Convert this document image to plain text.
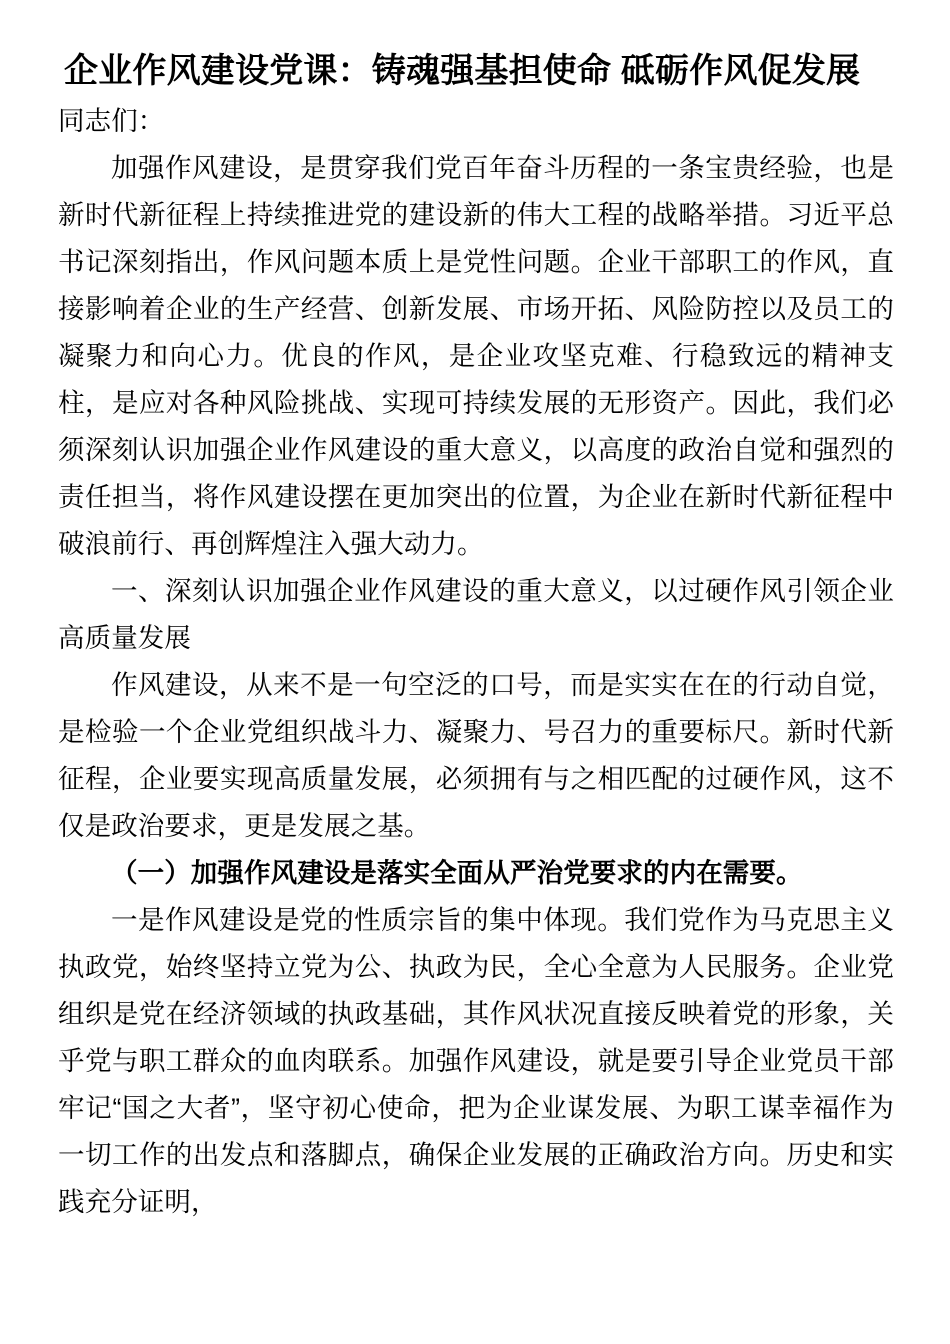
企业作风建设党课：铸魂强基担使命 砥砺作风促发展

同志们：

加强作风建设，是贯穿我们党百年奋斗历程的一条宝贵经验，也是新时代新征程上持续推进党的建设新的伟大工程的战略举措。习近平总书记深刻指出，作风问题本质上是党性问题。企业干部职工的作风，直接影响着企业的生产经营、创新发展、市场开拓、风险防控以及员工的凝聚力和向心力。优良的作风，是企业攻坚克难、行稳致远的精神支柱，是应对各种风险挑战、实现可持续发展的无形资产。因此，我们必须深刻认识加强企业作风建设的重大意义，以高度的政治自觉和强烈的责任担当，将作风建设摆在更加突出的位置，为企业在新时代新征程中破浪前行、再创辉煌注入强大动力。

一、深刻认识加强企业作风建设的重大意义，以过硬作风引领企业高质量发展

作风建设，从来不是一句空泛的口号，而是实实在在的行动自觉，是检验一个企业党组织战斗力、凝聚力、号召力的重要标尺。新时代新征程，企业要实现高质量发展，必须拥有与之相匹配的过硬作风，这不仅是政治要求，更是发展之基。

（一）加强作风建设是落实全面从严治党要求的内在需要。

一是作风建设是党的性质宗旨的集中体现。我们党作为马克思主义执政党，始终坚持立党为公、执政为民，全心全意为人民服务。企业党组织是党在经济领域的执政基础，其作风状况直接反映着党的形象，关乎党与职工群众的血肉联系。加强作风建设，就是要引导企业党员干部牢记“国之大者”，坚守初心使命，把为企业谋发展、为职工谋幸福作为一切工作的出发点和落脚点，确保企业发展的正确政治方向。历史和实践充分证明，
